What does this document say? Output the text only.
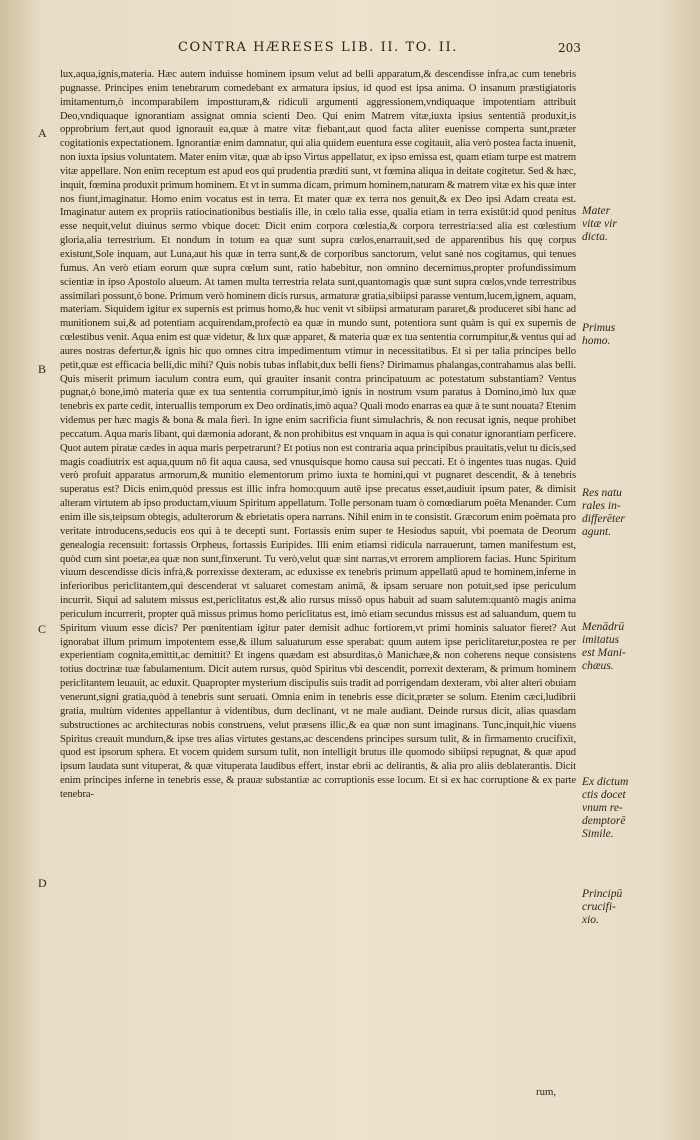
CONTRA HÆRESES LIB. II. TO. II.	203
A
B
C
D

lux,aqua,ignis,materia. Hæc autem induisse hominem ipsum velut ad belli apparatum,& descendisse infra,ac cum tenebris pugnasse. Principes enim tenebrarum comedebant ex armatura ipsius, id quod est ipsa anima. O insanum præstigiatoris imitamentum,ò incomparabilem impostturam,& ridiculi argumenti aggressionem,vndiquaque impotentiam attribuit Deo,vndiquaque ignorantiam assignat omnia scienti Deo. Qui enim Matrem vitæ,iuxta ipsius sententiā produxit,is opprobrium fert,aut quod ignorauit ea,quæ à matre vitæ fiebant,aut quod facta aliter euenisse comperta sunt,præter cogitationis expectationem. Ignorantiæ enim damnatur, qui alia quidem euentura esse cogitauit, alia verò postea facta inuenit, non iuxta ipsius voluntatem. Mater enim vitæ, quæ ab ipso Virtus appellatur, ex ipso emissa est, quam etiam turpe est matrem vitæ appellare. Non enim receptum est apud eos qui prudentia præditi sunt, vt fœmina aliqua in deitate cogitetur. Sed & hæc, inquit, fœmina produxit primum hominem. Et vt in summa dicam, primum hominem,naturam & matrem vitæ ex his quæ inter nos fiunt,imaginatur. Homo enim vocatus est in terra. Et mater quæ ex terra nos genuit,& ex Deo ipsi Adam creata est. Imaginatur autem ex propriis ratiocinationibus bestialis ille, in cœlo talia esse, qualia etiam in terra existūt:id quod penitus esse nequit,velut diuinus sermo vbique docet: Dicit enim corpora cœlestia,& corpora terrestria:sed alia est cœlestium gloria,alia terrestrium. Et nondum in totum ea quæ sunt supra cœlos,enarrauit,sed de apparentibus his quę corpus existunt,Sole inquam, aut Luna,aut his quæ in terra sunt,& de corporibus sanctorum, velut sanè nos cogitamus, qui tenues fumus. An verò etiam eorum quæ supra cœlum sunt, ratio habebitur, non omnino decernimus,propter profundissimum scientiæ in ipso Apostolo alueum. At tamen multa terrestria relata sunt,quantomagis quæ sunt supra cœlos,vnde terrestribus assimilari possunt,ò bone. Primum verò hominem dicis rursus, armaturæ gratia,sibiipsi parasse ventum,lucem,ignem, aquam, materiam. Siquidem igitur ex supernis est primus homo,& huc venit vt sibiipsi armaturam pararet,& produceret sibi hanc ad munitionem sui,& ad potentiam acquirendam,profectò ea quæ in mundo sunt, potentiora sunt quàm is qui ex supernis de cœlestibus venit. Aqua enim est quæ videtur, & lux quæ apparet, & materia quæ ex tua sententia corrumpitur,& ventus qui ad aures nostras defertur,& ignis hic quo omnes citra impedimentum vtimur in necessitatibus. Et si per talia principes bello petit,quæ est efficacia belli,dic mihi? Quis nobis tubas inflabit,dux belli fiens? Dirimamus phalangas,contrahamus alas belli. Quis miserit primum iaculum contra eum, qui grauiter insanit contra principatuum ac potestatum substantiam? Ventus pugnat,ò bone,imò materia quæ ex tua sententia corrumpitur,imò ignis in nostrum vsum paratus à Domino,imò lux quæ tenebris ex parte cedit, interuallis temporum ex Deo ordinatis,imò aqua? Quali modo enarras ea quæ à te sunt nouata? Etenim videmus per hæc magis & bona & mala fieri. In igne enim sacrificia fiunt simulachris, & non recusat ignis, neque prohibet peccatum. Aqua maris libant, qui dæmonia adorant, & non prohibitus est vnquam in aqua is qui conatur ignorantiam perficere. Quot autem piratæ cædes in aqua maris perpetrarunt? Et potius non est contraria aqua principibus prauitatis,velut tu dicis,sed magis coadiutrix est aqua,quum nō fit aqua causa, sed vnusquisque homo causa sui peccati. Et ò ingentes tuas nugas. Quid verò profuit apparatus armorum,& munitio elementorum primo iuxta te homini,qui vt pugnaret descendit, & à tenebris superatus est? Dicis enim,quòd pressus est illic infra homo:quum autē ipse precatus esset,audiuit ipsum pater, & dimisit alteram virtutem ab ipso productam,viuum Spiritum appellatum. Tolle personam tuam ò comœdiarum poëta Menander. Cum enim ille sis,teipsum obtegis, adulterorum & ebrietatis opera narrans. Nihil enim in te consistit. Græcorum enim poëmata pro veritate introducens,seducis eos qui à te decepti sunt. Fortassis enim super te Hesiodus sapuit, vbi poemata de Deorum genealogia recensuit: fortassis Orpheus, fortassis Euripides. Illi enim etiamsi ridicula narrauerunt, tamen manifestum est, quòd cum sint poetæ,ea quæ non sunt,finxerunt. Tu verò,velut quæ sint narras,vt errorem ampliorem facias. Hunc Spiritum viuum descendisse dicis infrà,& porrexisse dexteram, ac eduxisse ex tenebris primum appellatū apud te hominem,inferne in inferioribus periclitantem,qui descenderat vt saluaret comestam animā, & ipsam seruare non potuit,sed ipse periculum incurrit. Siqui ad salutem missus est,periclitatus est,& alio rursus missō opus habuit ad suam salutem:quantò magis anima periculum incurrerit, propter quā missus primus homo periclitatus est, imò etiam secundus missus est ad saluandum, quem tu Spiritum viuum esse dicis? Per pœnitentiam igitur pater demisit adhuc fortiorem,vt primi hominis saluator fieret? Aut ignorabat illum primum impotentem esse,& illum saluaturum esse sperabat: quum autem ipse periclitaretur,postea re per experientiam cognita,emittit,ac demittit? Et ingens quædam est absurditas,ò Manichæe,& non coherens neque consistens totius doctrinæ tuæ fabulamentum. Dicit autem rursus, quòd Spiritus vbi descendit, porrexit dexteram, & primum hominem periclitantem leuauit, ac eduxit. Quapropter mysterium discipulis suis tradit ad porrigendam dexteram, vbi alter alteri obuiam venerunt,signi gratia,quòd à tenebris sunt seruati. Omnia enim in tenebris esse dicit,præter se solum. Etenim cæci,ludibrii gratia, multùm videntes appellantur à videntibus, dum declinant, vt ne male audiant. Deinde rursus dicit, alias quasdam substructiones ac architecturas nobis construens, velut præsens illic,& ea quæ non sunt imaginans. Tunc,inquit,hic viuens Spiritus creauit mundum,& ipse tres alias virtutes gestans,ac descendens principes sursum tulit, & in firmamento crucifixit, quod est ipsorum sphera. Et vocem quidem sursum tulit, non intelligit brutus ille quomodo sibiipsi repugnat, & quæ apud ipsum laudata sunt vituperat, & quæ vituperata laudibus effert, instar ebrii ac delirantis, & alia pro aliis deblaterantis. Dicit enim principes inferne in tenebris esse, & prauæ substantiæ ac corruptionis esse locum. Et si ex hac corruptione & ex parte tenebra-

Mater
vitæ vir
dicta.
Primus
homo.
Res natu
rales in-
differēter
agunt.
Menādrū
imitatus
est Mani-
chæus.
Ex dictum
ctis docet
vnum re-
demptorē
Simile.
Principū
crucifi-
xio.
rum,
